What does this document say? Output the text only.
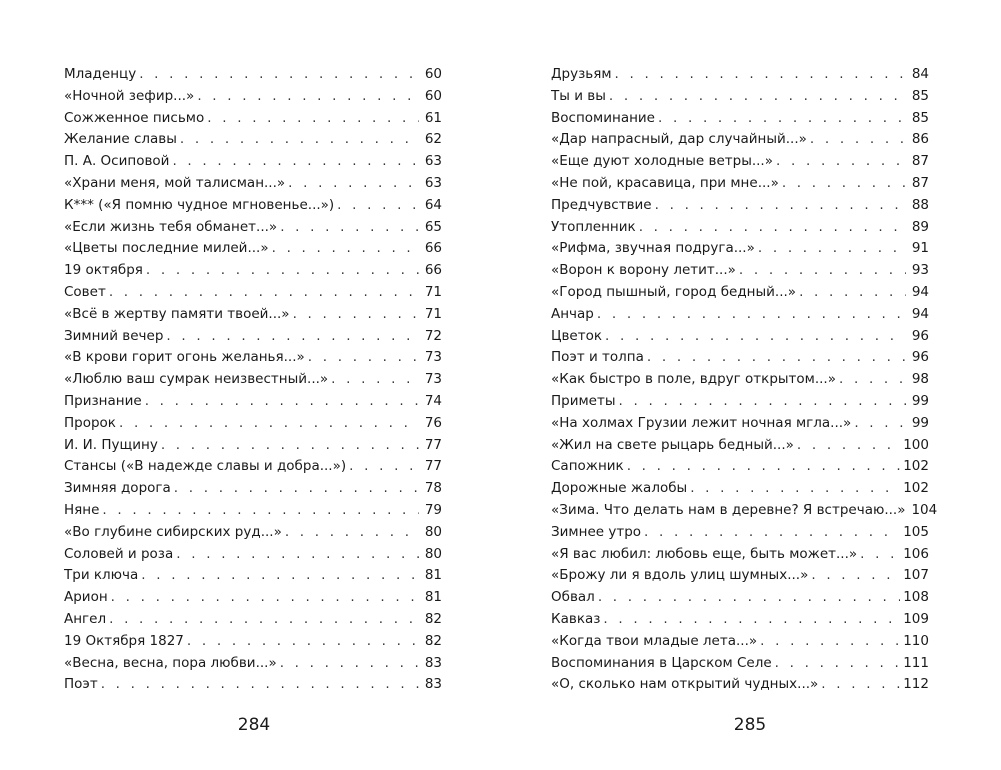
Младенцу . . .	60
«Ночной зефир...» . . .	60
Сожженное письмо . . .	61
Желание славы . . .	62
П. А. Осиповой . . .	63
«Храни меня, мой талисман...» . . .	63
К*** («Я помню чудное мгновенье...») . . .	64
«Если жизнь тебя обманет...» . . .	65
«Цветы последние милей...» . . .	66
19 октября . . .	66
Совет . . .	71
«Всё в жертву памяти твоей...» . . .	71
Зимний вечер . . .	72
«В крови горит огонь желанья...» . . .	73
«Люблю ваш сумрак неизвестный...» . . .	73
Признание . . .	74
Пророк . . .	76
И. И. Пущину . . .	77
Стансы («В надежде славы и добра...») . . .	77
Зимняя дорога . . .	78
Няне . . .	79
«Во глубине сибирских руд...» . . .	80
Соловей и роза . . .	80
Три ключа . . .	81
Арион . . .	81
Ангел . . .	82
19 Октября 1827 . . .	82
«Весна, весна, пора любви...» . . .	83
Поэт . . .	83
Друзьям . . .	84
Ты и вы . . .	85
Воспоминание . . .	85
«Дар напрасный, дар случайный...» . . .	86
«Еще дуют холодные ветры...» . . .	87
«Не пой, красавица, при мне...» . . .	87
Предчувствие . . .	88
Утопленник . . .	89
«Рифма, звучная подруга...» . . .	91
«Ворон к ворону летит...» . . .	93
«Город пышный, город бедный...» . . .	94
Анчар . . .	94
Цветок . . .	96
Поэт и толпа . . .	96
«Как быстро в поле, вдруг открытом...» . . .	98
Приметы . . .	99
«На холмах Грузии лежит ночная мгла...» . . .	99
«Жил на свете рыцарь бедный...» . . .	100
Сапожник . . .	102
Дорожные жалобы . . .	102
«Зима. Что делать нам в деревне? Я встречаю...» 104
Зимнее утро . . .	105
«Я вас любил: любовь еще, быть может...» . . .	106
«Брожу ли я вдоль улиц шумных...» . . .	107
Обвал . . .	108
Кавказ . . .	109
«Когда твои младые лета...» . . .	110
Воспоминания в Царском Селе . . .	111
«О, сколько нам открытий чудных...» . . .	112
284	285
